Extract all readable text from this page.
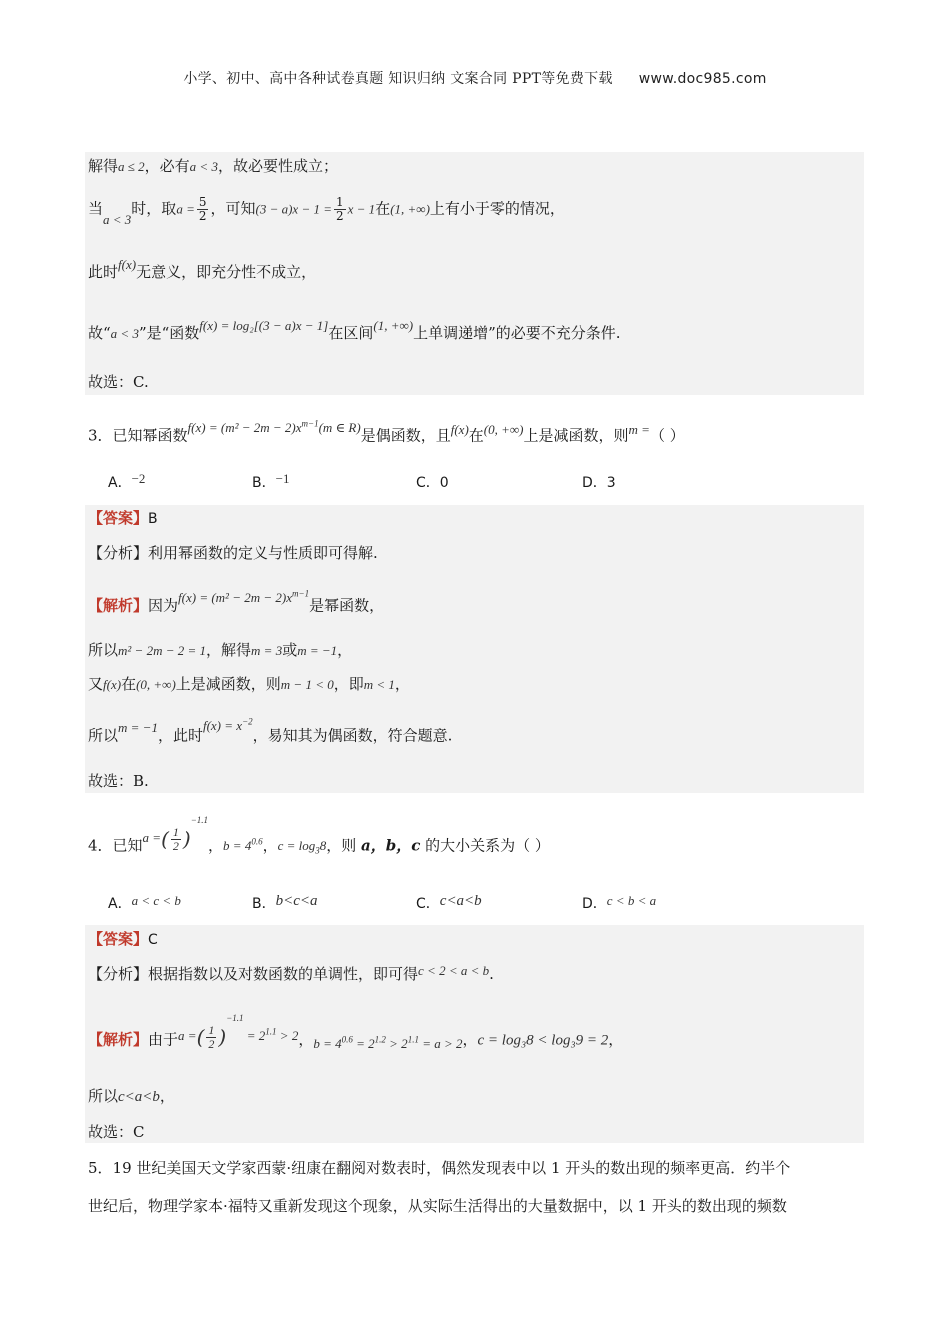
小学、初中、高中各种试卷真题 知识归纳 文案合同 PPT等免费下载 www.doc985.com
解得a ≤ 2，必有a < 3，故必要性成立；
当a < 3时，取$a = \frac{5}{2}$ ，可知$(3 - a)x - 1 = \frac{1}{2}$ x − 1在(1, +∞)上有小于零的情况，
此时f(x)无意义，即充分性不成立，
故“a < 3”是“函数f(x) = log₂[(3 − a)x − 1]在区间(1, +∞)上单调递增”的必要不充分条件.
故选：C.
3．已知幂函数$f(x) = (m^2 - 2m - 2)x^{m-1}(m$ ∈ R)是偶函数，且f(x)在(0, +∞)上是减函数，则m =（ ）
A．−2	B．−1	C．0	D．3
【答案】B
【分析】利用幂函数的定义与性质即可得解.
【解析】因为$f(x) = (m^2 - 2m - 2)x^{m-1}$是幂函数，
所以m² − 2m − 2 = 1，解得m = 3或m = −1，
又f(x)在(0, +∞)上是减函数，则m − 1 < 0，即m < 1，
所以m = −1，此时$f(x) = x^{-2}$，易知其为偶函数，符合题意.
故选：B.
4．已知a =( $\frac{1}{2} )^{-1.1}$，$b = 4^{0.6}$，$c = \log_38$，则 a，b，c 的大小关系为（ ）
A．a < c < b	B．b<c<a	C．c<a<b	D．c < b < a
【答案】C
【分析】根据指数以及对数函数的单调性，即可得c < 2 < a < b.
【解析】由于a =( $\frac{1}{2} )^{-1.1} = 2^{1.1} > 2$，$b = 4^{0.6} = 2^{1.2} > 2^{1.1} = a > 2$，c = log₃8 < log₃9 = 2，
所以c<a<b，
故选：C
5．19 世纪美国天文学家西蒙·纽康在翻阅对数表时，偶然发现表中以 1 开头的数出现的频率更高．约半个
世纪后，物理学家本·福特又重新发现这个现象，从实际生活得出的大量数据中，以 1 开头的数出现的频数
